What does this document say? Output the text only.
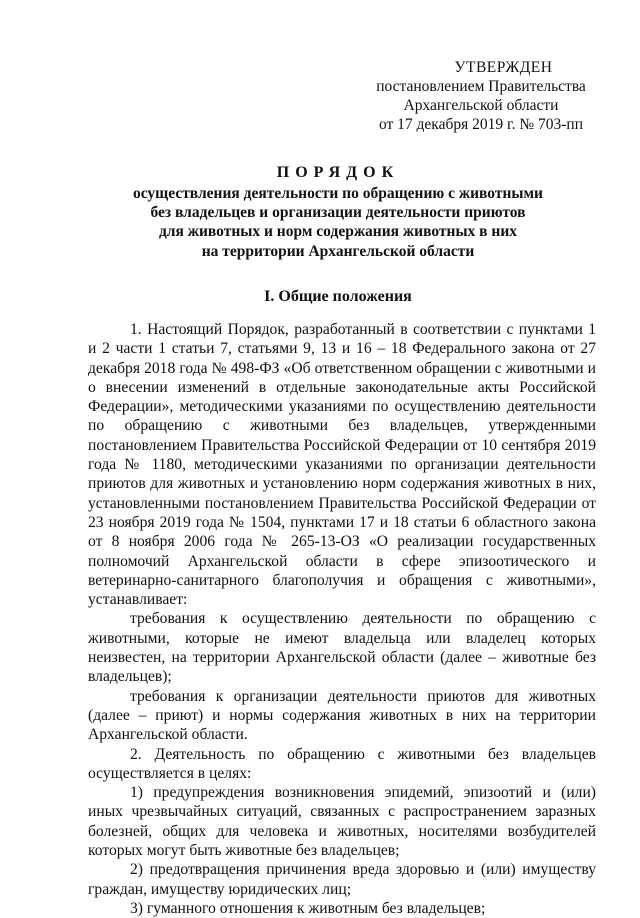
УТВЕРЖДЕН
постановлением Правительства
Архангельской области
от 17 декабря 2019 г. № 703-пп
ПОРЯДОК
осуществления деятельности по обращению с животными
без владельцев и организации деятельности приютов
для животных и норм содержания животных в них
на территории Архангельской области
I. Общие положения

1. Настоящий Порядок, разработанный в соответствии с пунктами 1 и 2 части 1 статьи 7, статьями 9, 13 и 16 – 18 Федерального закона от 27 декабря 2018 года № 498-ФЗ «Об ответственном обращении с животными и о внесении изменений в отдельные законодательные акты Российской Федерации», методическими указаниями по осуществлению деятельности по обращению с животными без владельцев, утвержденными постановлением Правительства Российской Федерации от 10 сентября 2019 года № 1180, методическими указаниями по организации деятельности приютов для животных и установлению норм содержания животных в них, установленными постановлением Правительства Российской Федерации от 23 ноября 2019 года № 1504, пунктами 17 и 18 статьи 6 областного закона от 8 ноября 2006 года № 265-13-ОЗ «О реализации государственных полномочий Архангельской области в сфере эпизоотического и ветеринарно-санитарного благополучия и обращения с животными», устанавливает:

требования к осуществлению деятельности по обращению с животными, которые не имеют владельца или владелец которых неизвестен, на территории Архангельской области (далее – животные без владельцев);

требования к организации деятельности приютов для животных (далее – приют) и нормы содержания животных в них на территории Архангельской области.

2. Деятельность по обращению с животными без владельцев осуществляется в целях:

1) предупреждения возникновения эпидемий, эпизоотий и (или) иных чрезвычайных ситуаций, связанных с распространением заразных болезней, общих для человека и животных, носителями возбудителей которых могут быть животные без владельцев;

2) предотвращения причинения вреда здоровью и (или) имуществу граждан, имуществу юридических лиц;

3) гуманного отношения к животным без владельцев;
